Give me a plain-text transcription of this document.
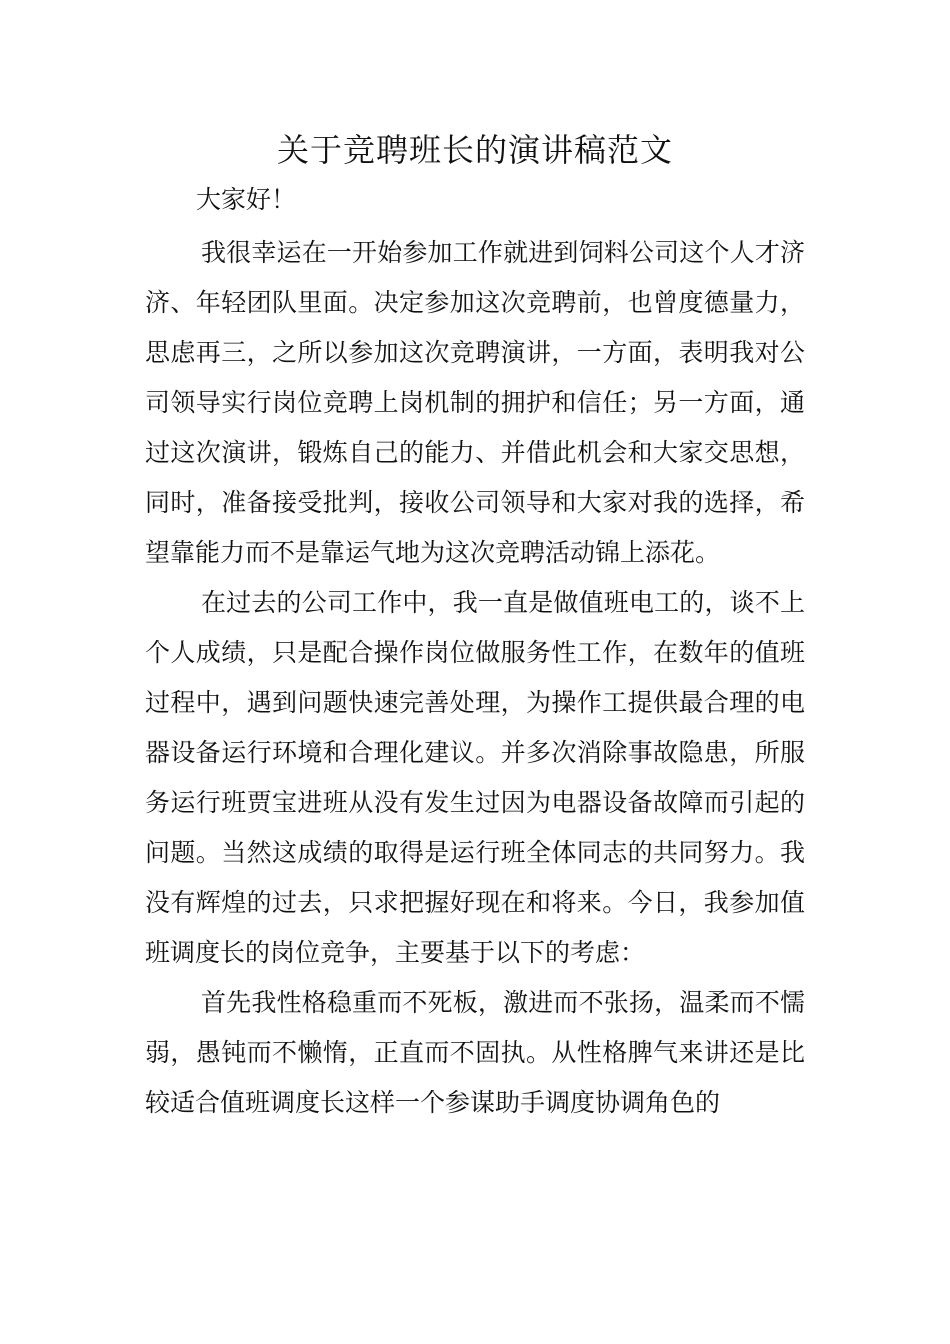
关于竞聘班长的演讲稿范文
大家好！

我很幸运在一开始参加工作就进到饲料公司这个人才济济、年轻团队里面。决定参加这次竞聘前，也曾度德量力，思虑再三，之所以参加这次竞聘演讲，一方面，表明我对公司领导实行岗位竞聘上岗机制的拥护和信任；另一方面，通过这次演讲，锻炼自己的能力、并借此机会和大家交思想，同时，准备接受批判，接收公司领导和大家对我的选择，希望靠能力而不是靠运气地为这次竞聘活动锦上添花。

在过去的公司工作中，我一直是做值班电工的，谈不上个人成绩，只是配合操作岗位做服务性工作，在数年的值班过程中，遇到问题快速完善处理，为操作工提供最合理的电器设备运行环境和合理化建议。并多次消除事故隐患，所服务运行班贾宝进班从没有发生过因为电器设备故障而引起的问题。当然这成绩的取得是运行班全体同志的共同努力。我没有辉煌的过去，只求把握好现在和将来。今日，我参加值班调度长的岗位竞争，主要基于以下的考虑：

首先我性格稳重而不死板，激进而不张扬，温柔而不懦弱，愚钝而不懒惰，正直而不固执。从性格脾气来讲还是比较适合值班调度长这样一个参谋助手调度协调角色的
